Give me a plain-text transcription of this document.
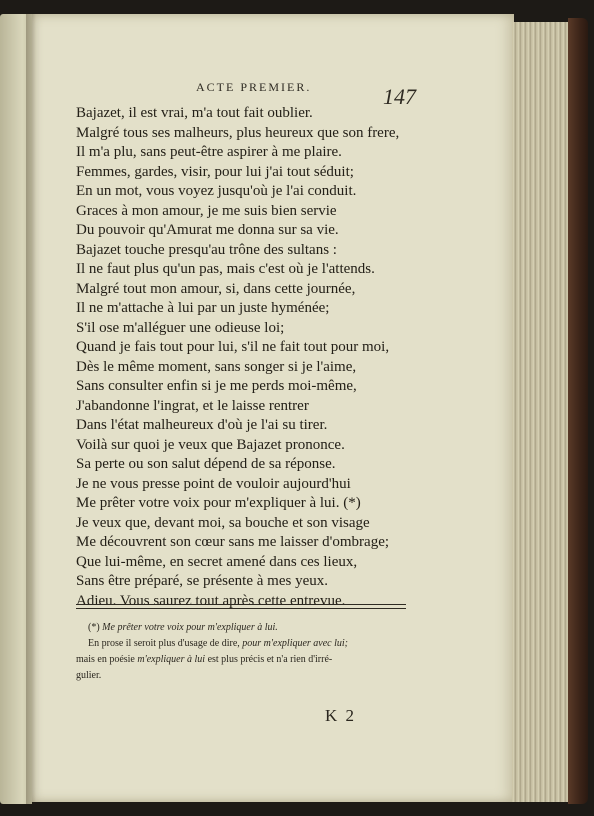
ACTE PREMIER.	147
Bajazet, il est vrai, m'a tout fait oublier.
Malgré tous ses malheurs, plus heureux que son frere,
Il m'a plu, sans peut-être aspirer à me plaire.
Femmes, gardes, visir, pour lui j'ai tout séduit;
En un mot, vous voyez jusqu'où je l'ai conduit.
Graces à mon amour, je me suis bien servie
Du pouvoir qu'Amurat me donna sur sa vie.
Bajazet touche presqu'au trône des sultans :
Il ne faut plus qu'un pas, mais c'est où je l'attends.
Malgré tout mon amour, si, dans cette journée,
Il ne m'attache à lui par un juste hyménée;
S'il ose m'alléguer une odieuse loi;
Quand je fais tout pour lui, s'il ne fait tout pour moi,
Dès le même moment, sans songer si je l'aime,
Sans consulter enfin si je me perds moi-même,
J'abandonne l'ingrat, et le laisse rentrer
Dans l'état malheureux d'où je l'ai su tirer.
Voilà sur quoi je veux que Bajazet prononce.
Sa perte ou son salut dépend de sa réponse.
Je ne vous presse point de vouloir aujourd'hui
Me prêter votre voix pour m'expliquer à lui. (*)
Je veux que, devant moi, sa bouche et son visage
Me découvrent son cœur sans me laisser d'ombrage;
Que lui-même, en secret amené dans ces lieux,
Sans être préparé, se présente à mes yeux.
Adieu. Vous saurez tout après cette entrevue.

(*) Me prêter votre voix pour m'expliquer à lui.

En prose il seroit plus d'usage de dire, pour m'expliquer avec lui;

mais en poésie m'expliquer à lui est plus précis et n'a rien d'irré-

gulier.

K 2
